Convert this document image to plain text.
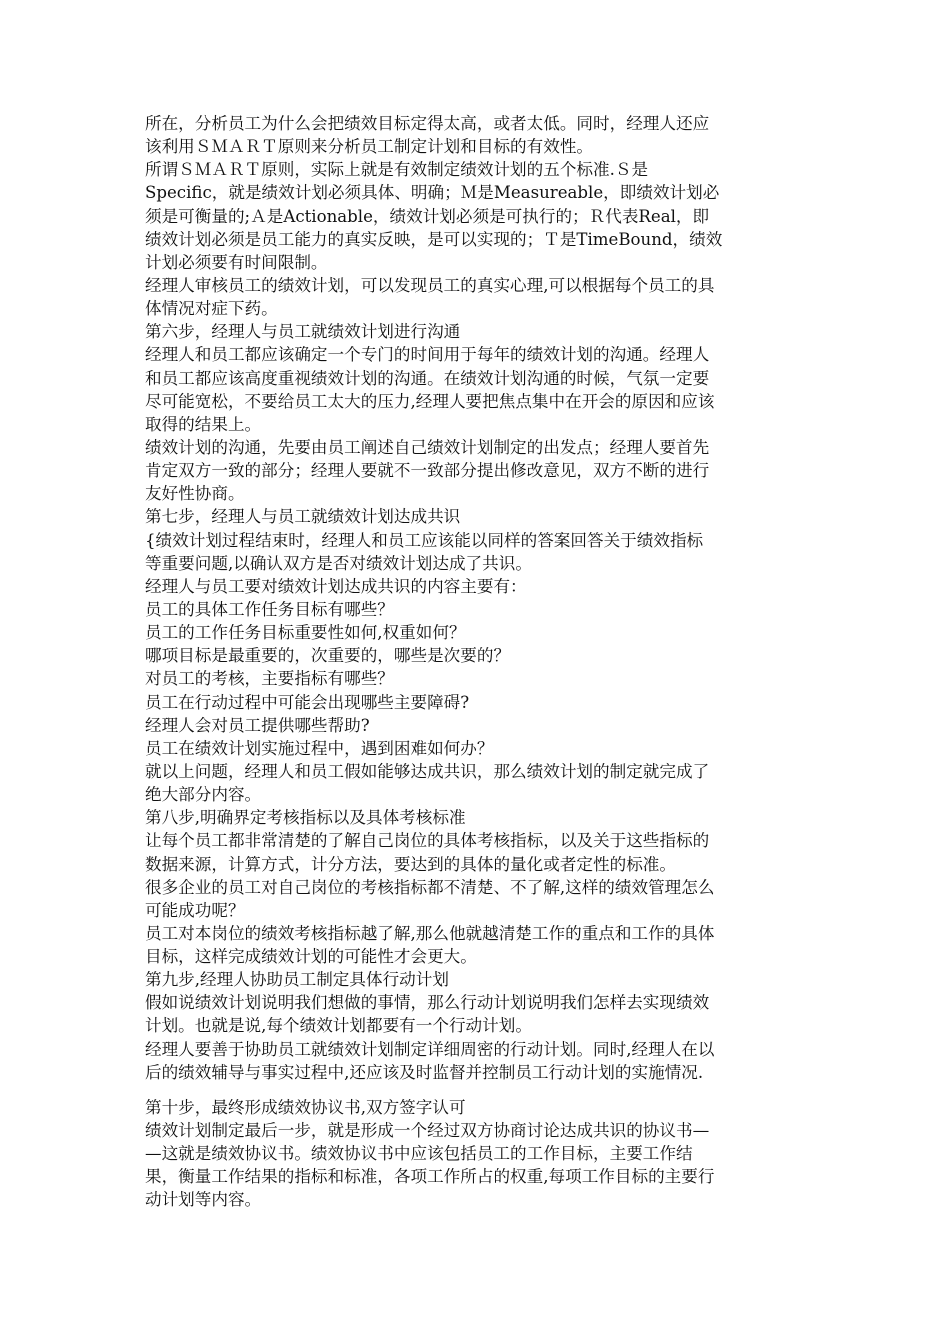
所在，分析员工为什么会把绩效目标定得太高，或者太低。同时，经理人还应
该利用ＳＭＡＲＴ原则来分析员工制定计划和目标的有效性。
所谓ＳＭＡＲＴ原则，实际上就是有效制定绩效计划的五个标准.Ｓ是
Specific，就是绩效计划必须具体、明确；Ｍ是Measureable，即绩效计划必
须是可衡量的;Ａ是Actionable，绩效计划必须是可执行的；Ｒ代表Real，即
绩效计划必须是员工能力的真实反映，是可以实现的；Ｔ是TimeBound，绩效
计划必须要有时间限制。
经理人审核员工的绩效计划，可以发现员工的真实心理,可以根据每个员工的具
体情况对症下药。
第六步，经理人与员工就绩效计划进行沟通
经理人和员工都应该确定一个专门的时间用于每年的绩效计划的沟通。经理人
和员工都应该高度重视绩效计划的沟通。在绩效计划沟通的时候，气氛一定要
尽可能宽松，不要给员工太大的压力,经理人要把焦点集中在开会的原因和应该
取得的结果上。
绩效计划的沟通，先要由员工阐述自己绩效计划制定的出发点；经理人要首先
肯定双方一致的部分；经理人要就不一致部分提出修改意见，双方不断的进行
友好性协商。
第七步，经理人与员工就绩效计划达成共识
{绩效计划过程结束时，经理人和员工应该能以同样的答案回答关于绩效指标
等重要问题,以确认双方是否对绩效计划达成了共识。
经理人与员工要对绩效计划达成共识的内容主要有：
员工的具体工作任务目标有哪些？
员工的工作任务目标重要性如何,权重如何？
哪项目标是最重要的，次重要的，哪些是次要的？
对员工的考核，主要指标有哪些？
员工在行动过程中可能会出现哪些主要障碍?
经理人会对员工提供哪些帮助?
员工在绩效计划实施过程中，遇到困难如何办？
就以上问题，经理人和员工假如能够达成共识，那么绩效计划的制定就完成了
绝大部分内容。
第八步,明确界定考核指标以及具体考核标准
让每个员工都非常清楚的了解自己岗位的具体考核指标，以及关于这些指标的
数据来源，计算方式，计分方法，要达到的具体的量化或者定性的标准。
很多企业的员工对自己岗位的考核指标都不清楚、不了解,这样的绩效管理怎么
可能成功呢？
员工对本岗位的绩效考核指标越了解,那么他就越清楚工作的重点和工作的具体
目标，这样完成绩效计划的可能性才会更大。
第九步,经理人协助员工制定具体行动计划
假如说绩效计划说明我们想做的事情，那么行动计划说明我们怎样去实现绩效
计划。也就是说,每个绩效计划都要有一个行动计划。
经理人要善于协助员工就绩效计划制定详细周密的行动计划。同时,经理人在以
后的绩效辅导与事实过程中,还应该及时监督并控制员工行动计划的实施情况.
第十步，最终形成绩效协议书,双方签字认可
绩效计划制定最后一步，就是形成一个经过双方协商讨论达成共识的协议书—
—这就是绩效协议书。绩效协议书中应该包括员工的工作目标，主要工作结
果，衡量工作结果的指标和标准，各项工作所占的权重,每项工作目标的主要行
动计划等内容。
